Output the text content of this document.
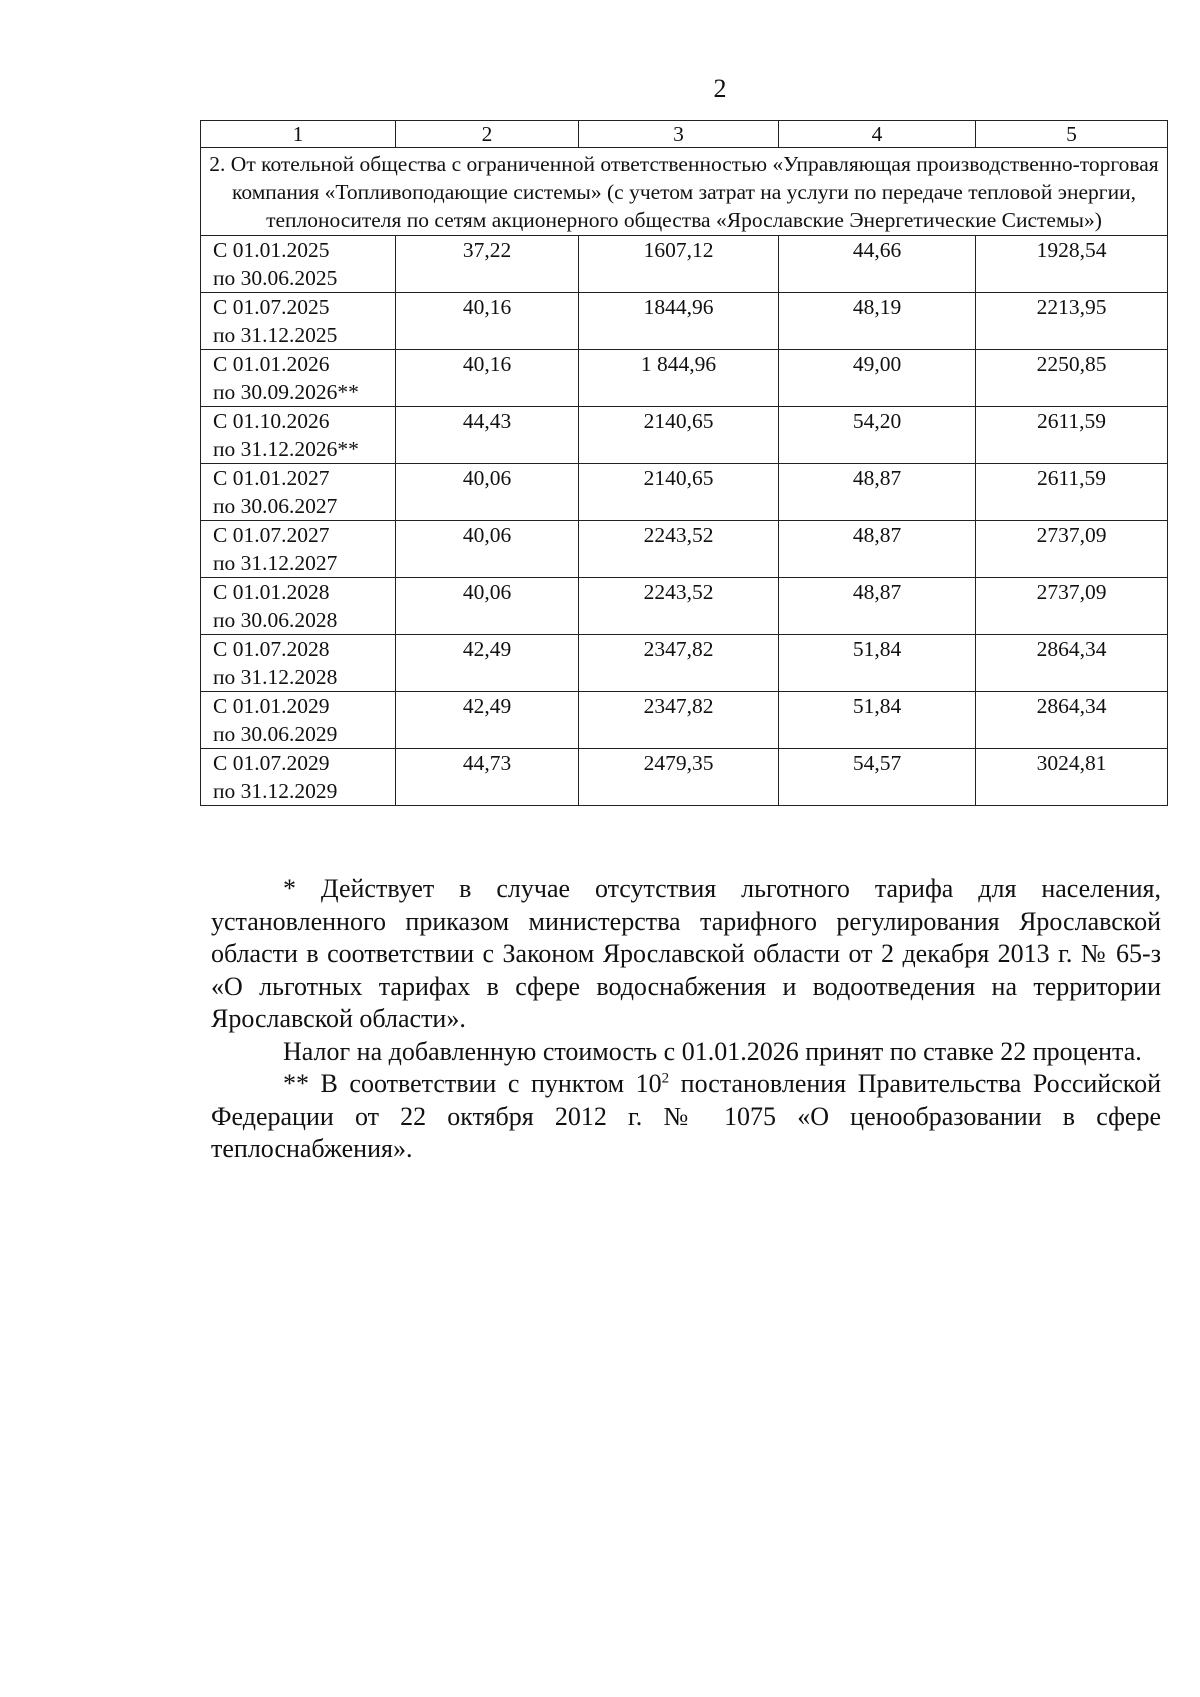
2
1	2	3	4	5
2. От котельной общества с ограниченной ответственностью «Управляющая производственно-торговая компания «Топливоподающие системы» (с учетом затрат на услуги по передаче тепловой энергии, теплоносителя по сетям акционерного общества «Ярославские Энергетические Системы»)				

С 01.01.2025
по 30.06.2025	37,22	1607,12	44,66	1928,54

С 01.07.2025
по 31.12.2025	40,16	1844,96	48,19	2213,95

С 01.01.2026
по 30.09.2026**	40,16	1 844,96	49,00	2250,85

С 01.10.2026
по 31.12.2026**	44,43	2140,65	54,20	2611,59

С 01.01.2027
по 30.06.2027	40,06	2140,65	48,87	2611,59

С 01.07.2027
по 31.12.2027	40,06	2243,52	48,87	2737,09

С 01.01.2028
по 30.06.2028	40,06	2243,52	48,87	2737,09

С 01.07.2028
по 31.12.2028	42,49	2347,82	51,84	2864,34

С 01.01.2029
по 30.06.2029	42,49	2347,82	51,84	2864,34

С 01.07.2029
по 31.12.2029	44,73	2479,35	54,57	3024,81

* Действует в случае отсутствия льготного тарифа для населения, установленного приказом министерства тарифного регулирования Ярославской области в соответствии с Законом Ярославской области от 2 декабря 2013 г. № 65-з «О льготных тарифах в сфере водоснабжения и водоотведения на территории Ярославской области».

Налог на добавленную стоимость с 01.01.2026 принят по ставке 22 процента.

** В соответствии с пунктом $10^2$ постановления Правительства Российской Федерации от 22 октября 2012 г. № 1075 «О ценообразовании в сфере теплоснабжения».
